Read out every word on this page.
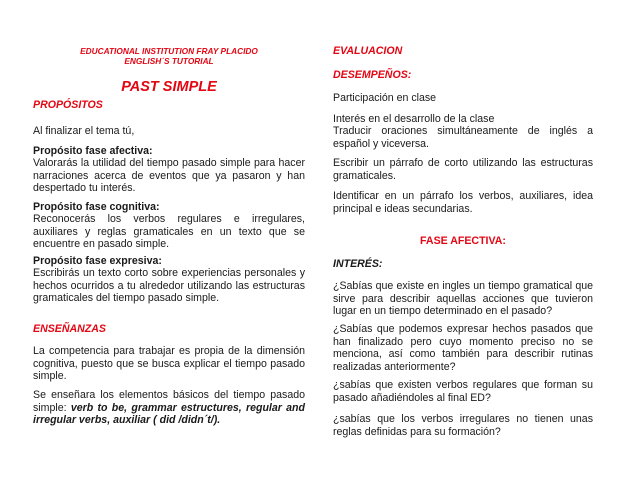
EDUCATIONAL INSTITUTION FRAY PLACIDO
ENGLISH´S TUTORIAL
PAST SIMPLE
PROPÓSITOS

Al finalizar el tema tú,

Propósito fase afectiva:

Valorarás la utilidad del tiempo pasado simple para hacer narraciones acerca de eventos que ya pasaron y han despertado tu interés.

Propósito fase cognitiva:

Reconocerás los verbos regulares e irregulares, auxiliares y reglas gramaticales en un texto que se encuentre en pasado simple.

Propósito fase expresiva:

Escribirás un texto corto sobre experiencias personales y hechos ocurridos a tu alrededor utilizando las estructuras gramaticales del tiempo pasado simple.

ENSEÑANZAS

La competencia para trabajar es propia de la dimensión cognitiva, puesto que se busca explicar el tiempo pasado simple.

Se enseñara los elementos básicos del tiempo pasado simple: verb to be, grammar estructures, regular and irregular verbs, auxiliar ( did /didn´t/).

EVALUACION
DESEMPEÑOS:

Participación en clase

Interés en el desarrollo de la clase

Traducir oraciones simultáneamente de inglés a español y viceversa.

Escribir un párrafo de corto utilizando las estructuras gramaticales.

Identificar en un párrafo los verbos, auxiliares, idea principal e ideas secundarias.

FASE AFECTIVA:
INTERÉS:

¿Sabías que existe en ingles un tiempo gramatical que sirve para describir aquellas acciones que tuvieron lugar en un tiempo determinado en el pasado?

¿Sabías que podemos expresar hechos pasados que han finalizado pero cuyo momento preciso no se menciona, así como también para describir rutinas realizadas anteriormente?

¿sabías que existen verbos regulares que forman su pasado añadiéndoles al final ED?

¿sabías que los verbos irregulares no tienen unas reglas definidas para su formación?
